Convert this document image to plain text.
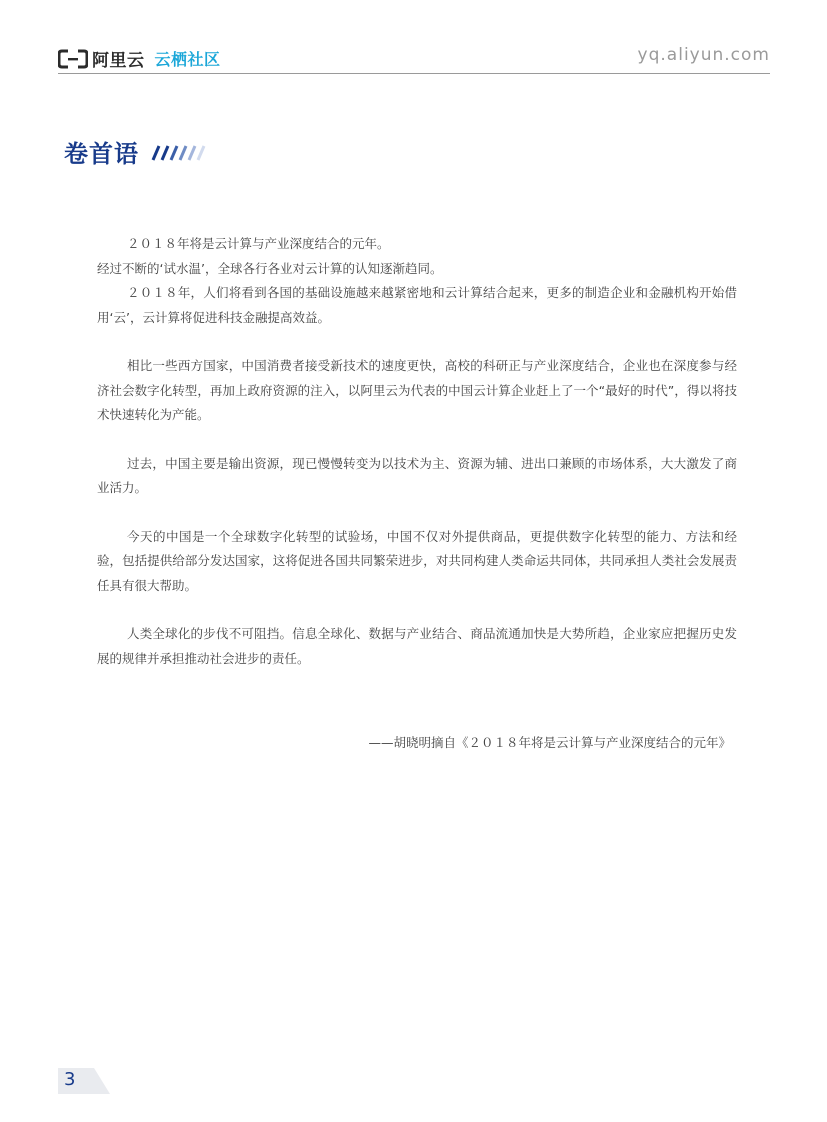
阿里云 云栖社区	yq.aliyun.com
卷首语

２０１８年将是云计算与产业深度结合的元年。

经过不断的‘试水温’，全球各行各业对云计算的认知逐渐趋同。

２０１８年，人们将看到各国的基础设施越来越紧密地和云计算结合起来，更多的制造企业和金融机构开始借用‘云’，云计算将促进科技金融提高效益。

相比一些西方国家，中国消费者接受新技术的速度更快，高校的科研正与产业深度结合，企业也在深度参与经济社会数字化转型，再加上政府资源的注入，以阿里云为代表的中国云计算企业赶上了一个“最好的时代”，得以将技术快速转化为产能。

过去，中国主要是输出资源，现已慢慢转变为以技术为主、资源为辅、进出口兼顾的市场体系，大大激发了商业活力。

今天的中国是一个全球数字化转型的试验场，中国不仅对外提供商品，更提供数字化转型的能力、方法和经验，包括提供给部分发达国家，这将促进各国共同繁荣进步，对共同构建人类命运共同体，共同承担人类社会发展责任具有很大帮助。

人类全球化的步伐不可阻挡。信息全球化、数据与产业结合、商品流通加快是大势所趋，企业家应把握历史发展的规律并承担推动社会进步的责任。

——胡晓明摘自《２０１８年将是云计算与产业深度结合的元年》
3
